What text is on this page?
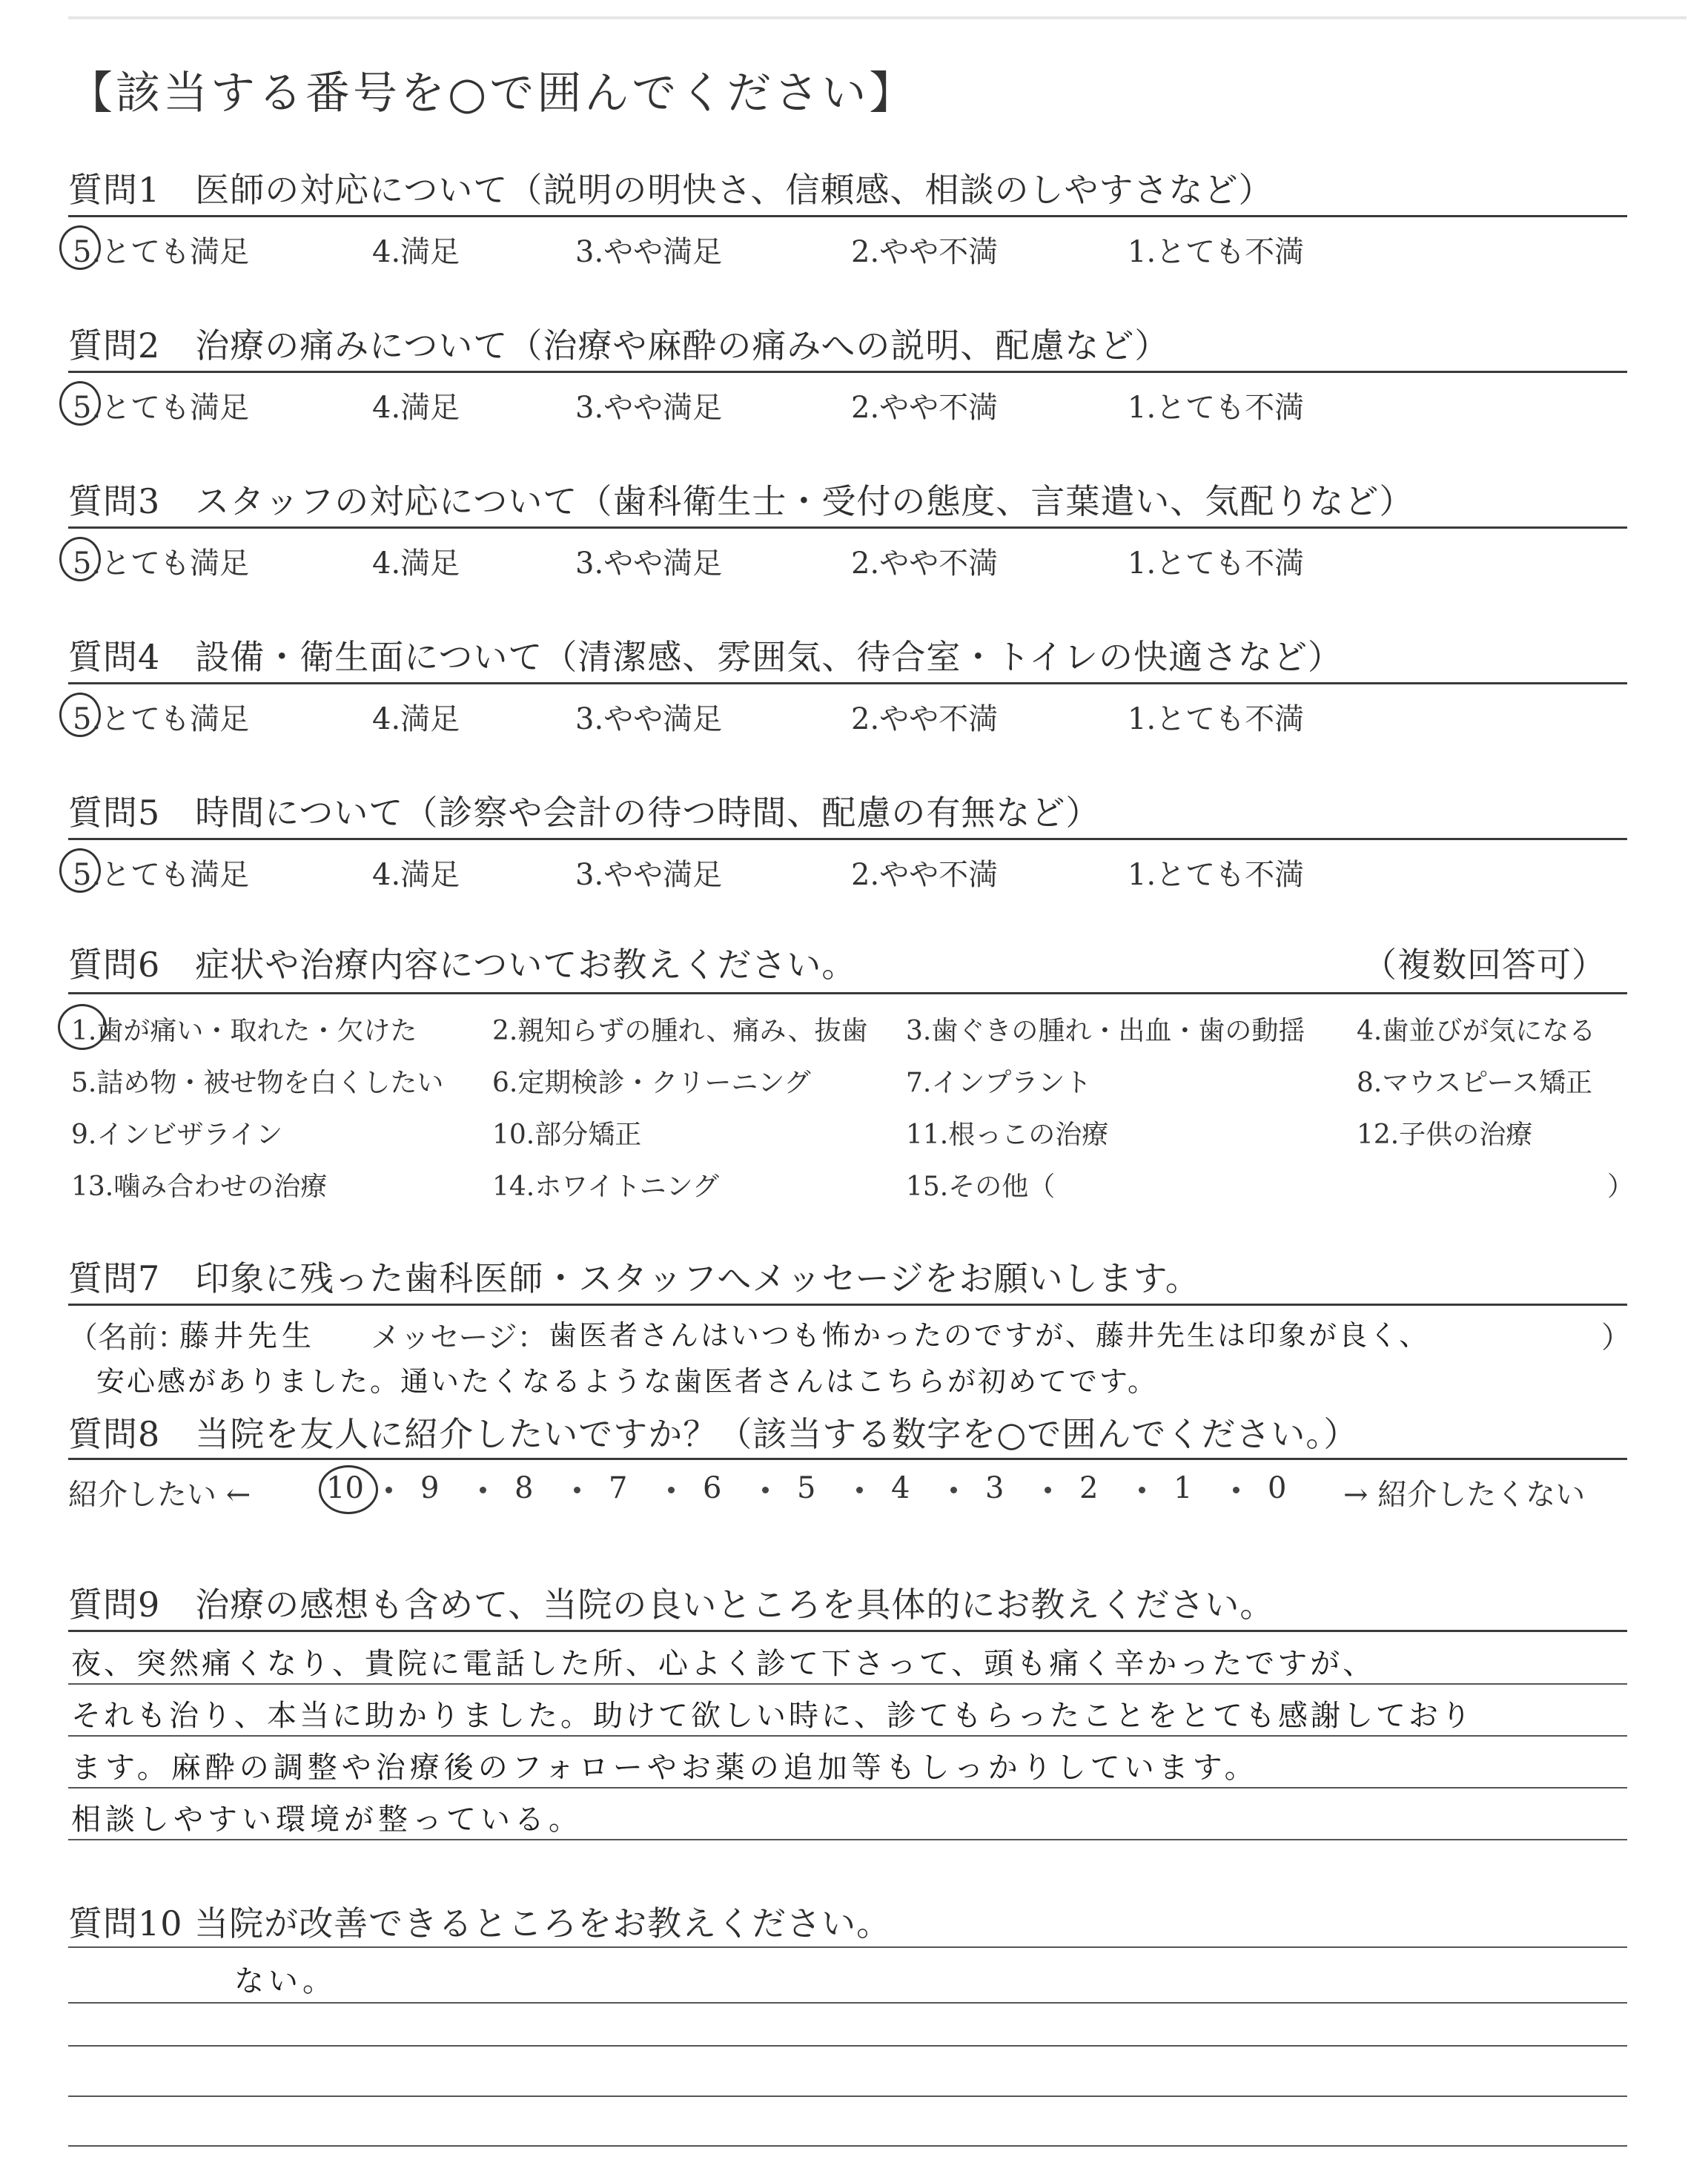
【該当する番号を○で囲んでください】
質問1　医師の対応について（説明の明快さ、信頼感、相談のしやすさなど）
5.とても満足	4.満足	3.やや満足	2.やや不満	1.とても不満
質問2　治療の痛みについて（治療や麻酔の痛みへの説明、配慮など）
5.とても満足	4.満足	3.やや満足	2.やや不満	1.とても不満
質問3　スタッフの対応について（歯科衛生士・受付の態度、言葉遣い、気配りなど）
5.とても満足	4.満足	3.やや満足	2.やや不満	1.とても不満
質問4　設備・衛生面について（清潔感、雰囲気、待合室・トイレの快適さなど）
5.とても満足	4.満足	3.やや満足	2.やや不満	1.とても不満
質問5　時間について（診察や会計の待つ時間、配慮の有無など）
5.とても満足	4.満足	3.やや満足	2.やや不満	1.とても不満
質問6　症状や治療内容についてお教えください。	（複数回答可）
1.歯が痛い・取れた・欠けた	2.親知らずの腫れ、痛み、抜歯 3.歯ぐきの腫れ・出血・歯の動揺 4.歯並びが気になる
5.詰め物・被せ物を白くしたい 6.定期検診・クリーニング	7.インプラント	8.マウスピース矯正
9.インビザライン	10.部分矯正	11.根っこの治療	12.子供の治療
13.噛み合わせの治療	14.ホワイトニング	15.その他（	）
質問7　印象に残った歯科医師・スタッフへメッセージをお願いします。
（名前：
藤井先生 メッセージ： 歯医者さんはいつも怖かったのですが、藤井先生は印象が良く、	）
安心感がありました。通いたくなるような歯医者さんはこちらが初めてです。
質問8　当院を友人に紹介したいですか？（該当する数字を○で囲んでください。）
紹介したい ←	10 9	8	7	6	5	4	3	2	1	0 → 紹介したくない
質問9　治療の感想も含めて、当院の良いところを具体的にお教えください。
夜、突然痛くなり、貴院に電話した所、心よく診て下さって、頭も痛く辛かったですが、
それも治り、本当に助かりました。助けて欲しい時に、診てもらったことをとても感謝しており
ます。麻酔の調整や治療後のフォローやお薬の追加等もしっかりしています。
相談しやすい環境が整っている。
質問10 当院が改善できるところをお教えください。
ない。
